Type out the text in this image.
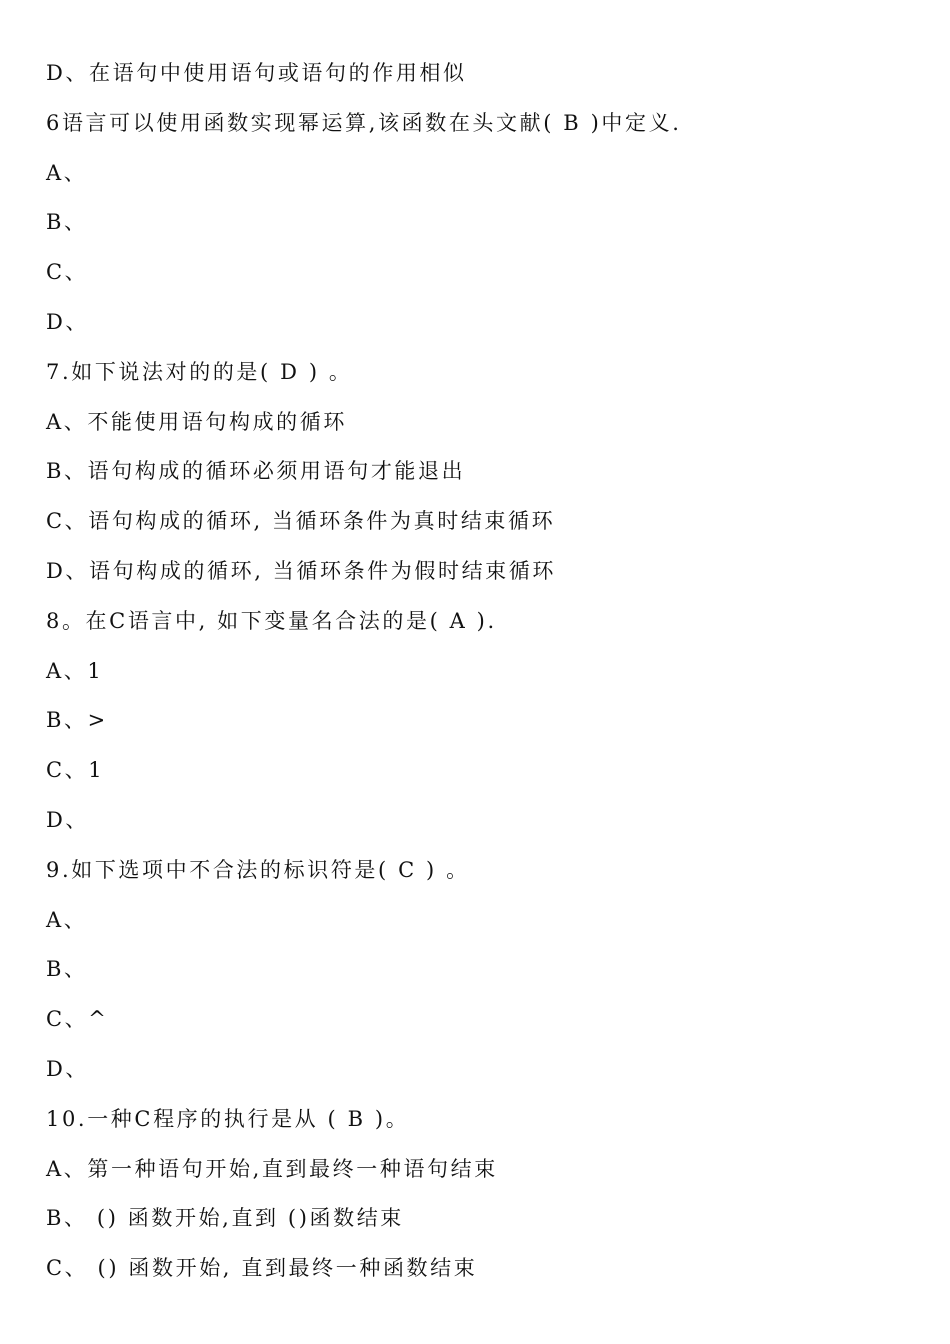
D、在语句中使用语句或语句的作用相似
6语言可以使用函数实现幂运算,该函数在头文献( B )中定义.
A、
B、
C、
D、
7.如下说法对的的是( D ) 。
A、不能使用语句构成的循环
B、语句构成的循环必须用语句才能退出
C、语句构成的循环, 当循环条件为真时结束循环
D、语句构成的循环, 当循环条件为假时结束循环
8。在C语言中, 如下变量名合法的是( A ).
A、1
B、>
C、1
D、
9.如下选项中不合法的标识符是( C ) 。
A、
B、
C、^
D、
10.一种C程序的执行是从 ( B )。
A、第一种语句开始,直到最终一种语句结束
B、 () 函数开始,直到 ()函数结束
C、 () 函数开始, 直到最终一种函数结束
